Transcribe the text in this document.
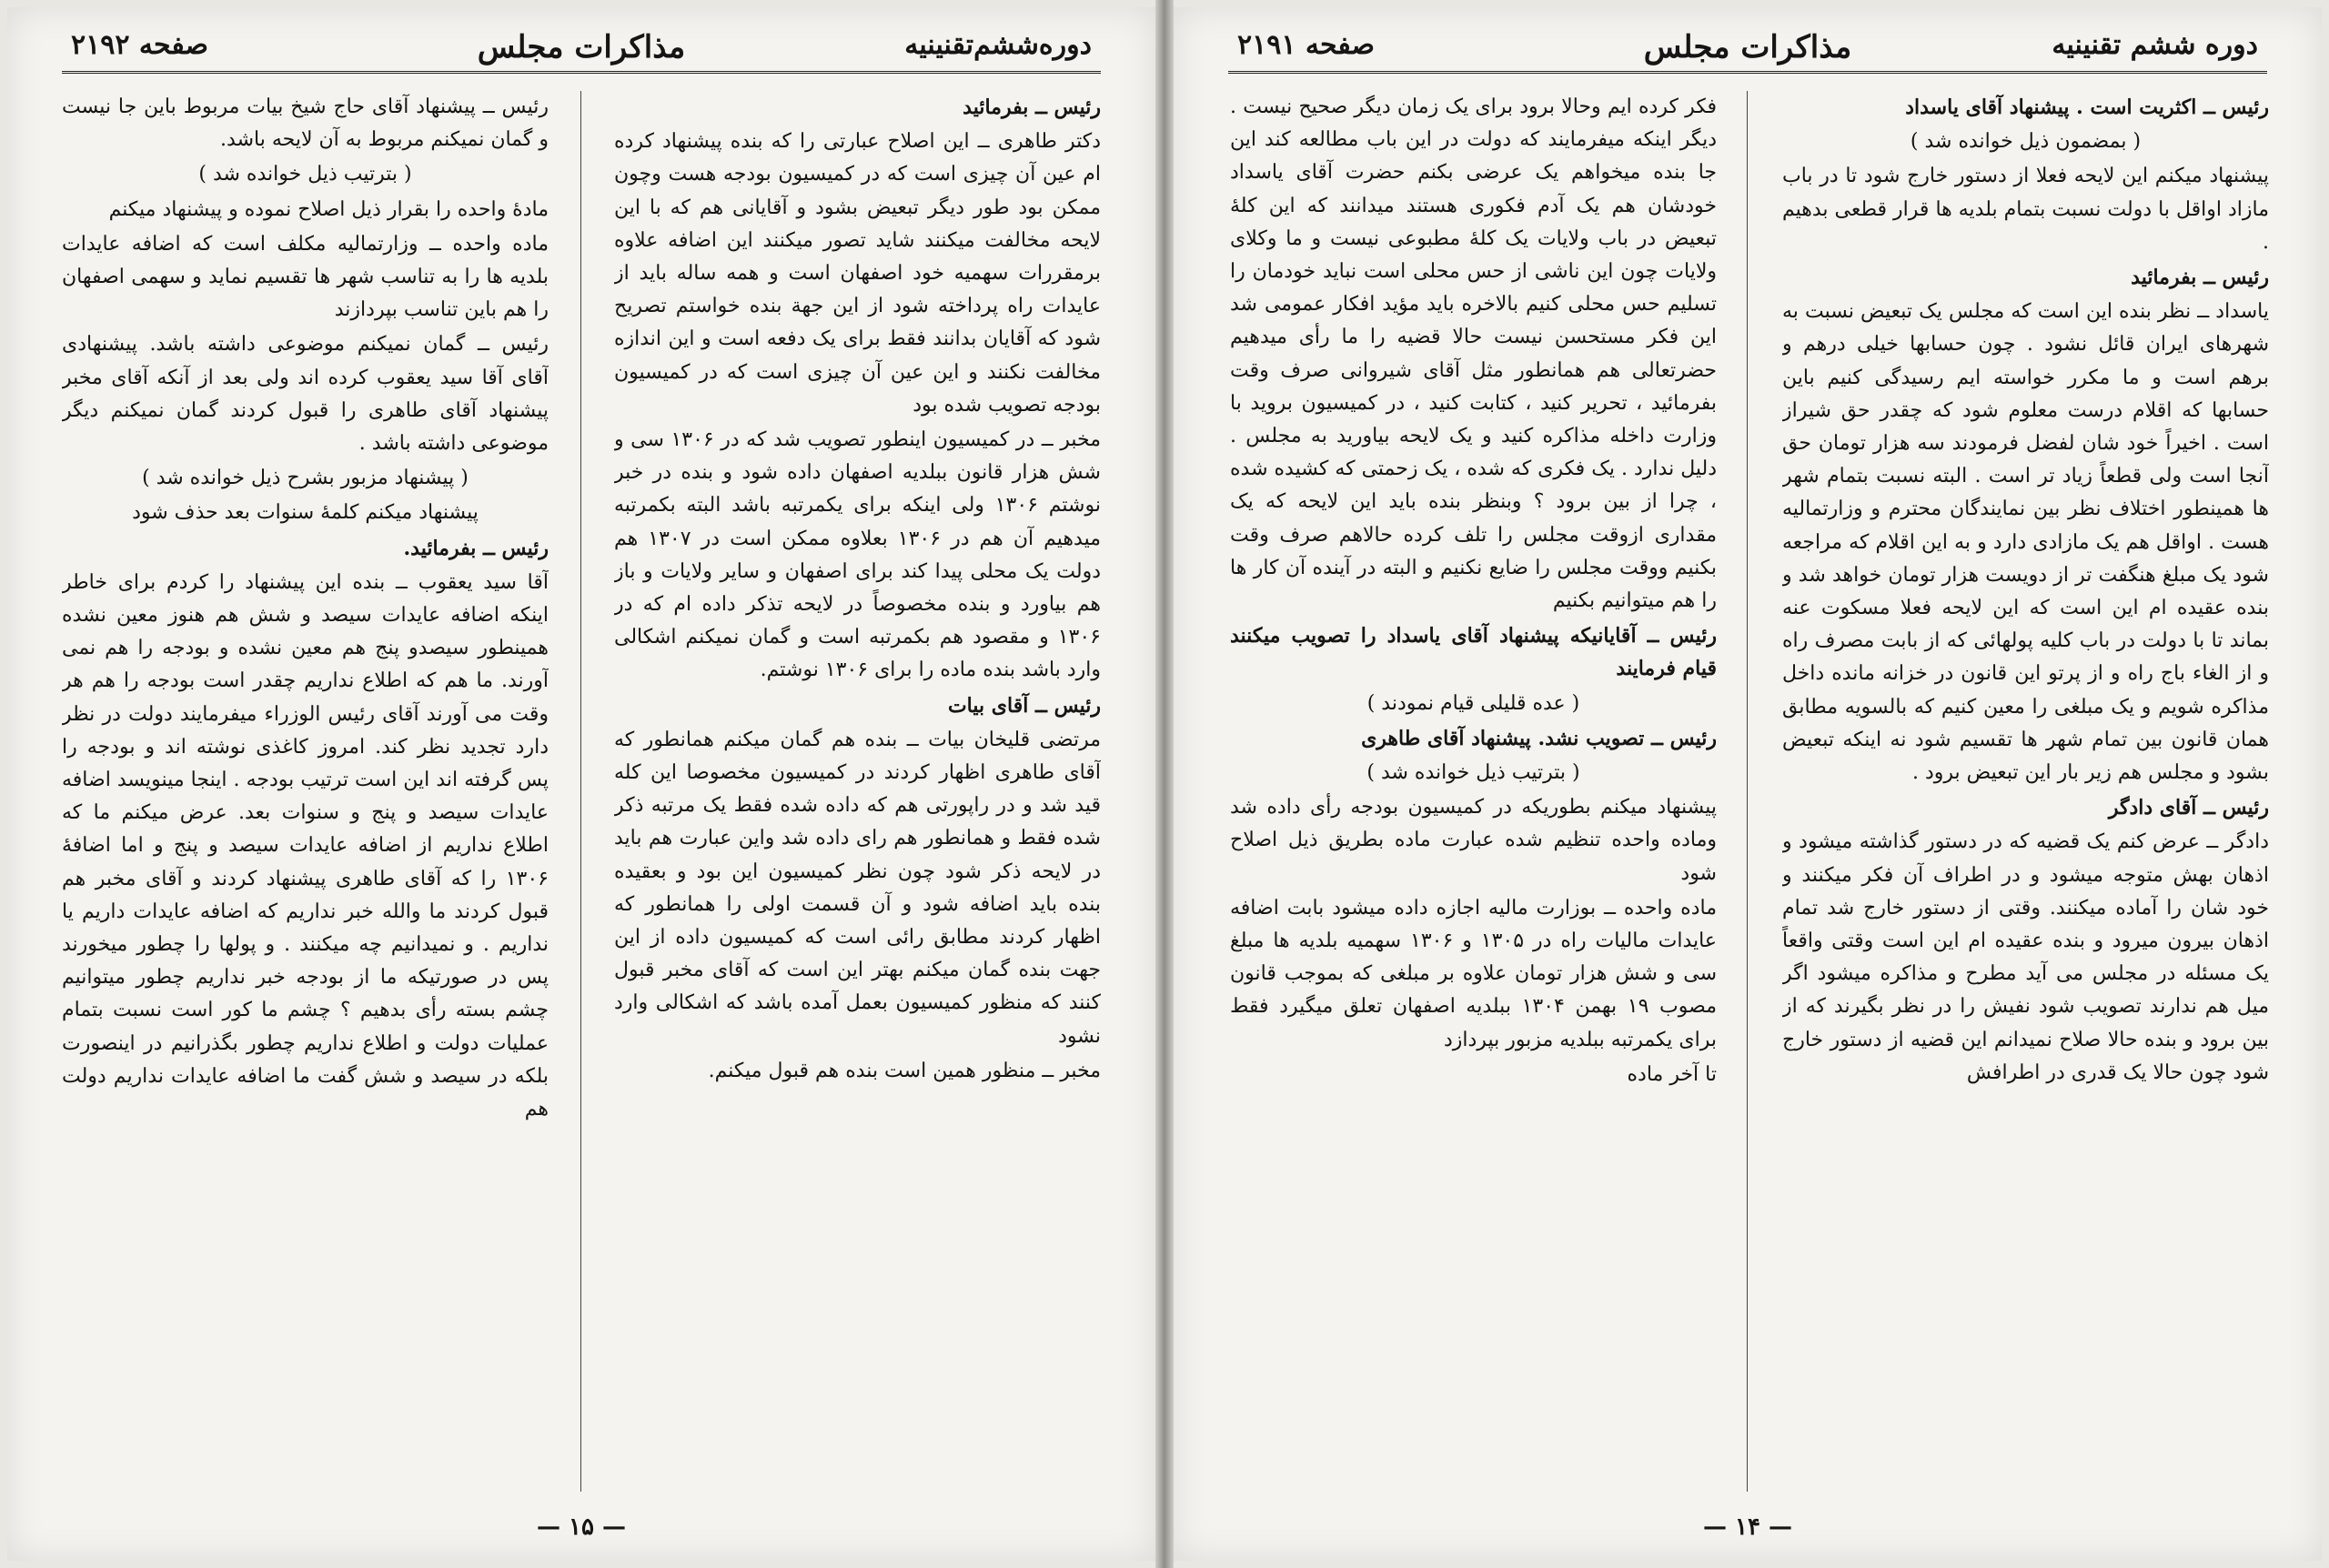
دوره‌ششم‌تقنینیه
مذاکرات مجلس
صفحه ۲۱۹۲

رئیس ــ بفرمائید

دکتر طاهری ــ این اصلاح عبارتی را که بنده پیشنهاد کرده ام عین آن چیزی است که در کمیسیون بودجه هست وچون ممکن بود طور دیگر تبعیض بشود و آقایانی هم که با این لایحه مخالفت میکنند شاید تصور میکنند این اضافه علاوه برمقررات سهمیه خود اصفهان است و همه ساله باید از عایدات راه پرداخته شود از این جهة بنده خواستم تصریح شود که آقایان بدانند فقط برای یک دفعه است و این اندازه مخالفت نکنند و این عین آن چیزی است که در کمیسیون بودجه تصویب شده بود

مخبر ــ در کمیسیون اینطور تصویب شد که در ۱۳۰۶ سی و شش هزار قانون ببلدیه اصفهان داده شود و بنده در خبر نوشتم ۱۳۰۶ ولی اینکه برای یکمرتبه باشد البته بکمرتبه میدهیم آن هم در ۱۳۰۶ بعلاوه ممکن است در ۱۳۰۷ هم دولت یک محلی پیدا کند برای اصفهان و سایر ولایات و باز هم بیاورد و بنده مخصوصاً در لایحه تذکر داده ام که در ۱۳۰۶ و مقصود هم بکمرتبه است و گمان نمیکنم اشکالی وارد باشد بنده ماده را برای ۱۳۰۶ نوشتم.

رئیس ــ آقای بیات

مرتضی قلیخان بیات ــ بنده هم گمان میکنم همانطور که آقای طاهری اظهار کردند در کمیسیون مخصوصا این کله قید شد و در راپورتی هم که داده شده فقط یک مرتبه ذکر شده فقط و همانطور هم رای داده شد واین عبارت هم باید در لایحه ذکر شود چون نظر کمیسیون این بود و بعقیده بنده باید اضافه شود و آن قسمت اولی را همانطور که اظهار کردند مطابق رائی است که کمیسیون داده از این جهت بنده گمان میکنم بهتر این است که آقای مخبر قبول کنند که منظور کمیسیون بعمل آمده باشد که اشکالی وارد نشود

مخبر ــ منظور همین است بنده هم قبول میکنم.

رئیس ــ پیشنهاد آقای حاج شیخ بیات مربوط باین جا نیست و گمان نمیکنم مربوط به آن لایحه باشد.

( بترتیب ذیل خوانده شد )

مادهٔ واحده را بقرار ذیل اصلاح نموده و پیشنهاد میکنم

ماده واحده ــ وزارتمالیه مکلف است که اضافه عایدات بلدیه ها را به تناسب شهر ها تقسیم نماید و سهمی اصفهان را هم باین تناسب بپردازند

رئیس ــ گمان نمیکنم موضوعی داشته باشد. پیشنهادی آقای آقا سید یعقوب کرده اند ولی بعد از آنکه آقای مخبر پیشنهاد آقای طاهری را قبول کردند گمان نمیکنم دیگر موضوعی داشته باشد .

( پیشنهاد مزبور بشرح ذیل خوانده شد )

پیشنهاد میکنم کلمهٔ سنوات بعد حذف شود

رئیس ــ بفرمائید.

آقا سید یعقوب ــ بنده این پیشنهاد را کردم برای خاطر اینکه اضافه عایدات سیصد و شش هم هنوز معین نشده همینطور سیصدو پنج هم معین نشده و بودجه را هم نمی آورند. ما هم که اطلاع نداریم چقدر است بودجه را هم هر وقت می آورند آقای رئیس الوزراء میفرمایند دولت در نظر دارد تجدید نظر کند. امروز کاغذی نوشته اند و بودجه را پس گرفته اند این است ترتیب بودجه . اینجا مینویسد اضافه عایدات سیصد و پنج و سنوات بعد. عرض میکنم ما که اطلاع نداریم از اضافه عایدات سیصد و پنج و اما اضافهٔ ۱۳۰۶ را که آقای طاهری پیشنهاد کردند و آقای مخبر هم قبول کردند ما والله خبر نداریم که اضافه عایدات داریم یا نداریم . و نمیدانیم چه میکنند . و پولها را چطور میخورند پس در صورتیکه ما از بودجه خبر نداریم چطور میتوانیم چشم بسته رأی بدهیم ؟ چشم ما کور است نسبت بتمام عملیات دولت و اطلاع نداریم چطور بگذرانیم در اینصورت بلکه در سیصد و شش گفت ما اضافه عایدات نداریم دولت هم

— ۱۵ —
دوره ششم تقنینیه
مذاکرات مجلس
صفحه ۲۱۹۱

رئیس ــ اکثریت است . پیشنهاد آقای یاسداد

( بمضمون ذیل خوانده شد )

پیشنهاد میکنم این لایحه فعلا از دستور خارج شود تا در باب مازاد اواقل با دولت نسبت بتمام بلدیه ها قرار قطعی بدهیم .

رئیس ــ بفرمائید

یاسداد ــ نظر بنده این است که مجلس یک تبعیض نسبت به شهرهای ایران قائل نشود . چون حسابها خیلی درهم و برهم است و ما مکرر خواسته ایم رسیدگی کنیم باین حسابها که اقلام درست معلوم شود که چقدر حق شیراز است . اخیراً خود شان لفضل فرمودند سه هزار تومان حق آنجا است ولی قطعاً زیاد تر است . البته نسبت بتمام شهر ها همینطور اختلاف نظر بین نمایندگان محترم و وزارتمالیه هست . اواقل هم یک مازادی دارد و به این اقلام که مراجعه شود یک مبلغ هنگفت تر از دویست هزار تومان خواهد شد و بنده عقیده ام این است که این لایحه فعلا مسکوت عنه بماند تا با دولت در باب کلیه پولهائی که از بابت مصرف راه و از الغاء باج راه و از پرتو این قانون در خزانه مانده داخل مذاکره شویم و یک مبلغی را معین کنیم که بالسویه مطابق همان قانون بین تمام شهر ها تقسیم شود نه اینکه تبعیض بشود و مجلس هم زیر بار این تبعیض برود .

رئیس ــ آقای دادگر

دادگر ــ عرض کنم یک قضیه که در دستور گذاشته میشود و اذهان بهش متوجه میشود و در اطراف آن فکر میکنند و خود شان را آماده میکنند. وقتی از دستور خارج شد تمام اذهان بیرون میرود و بنده عقیده ام این است وقتی واقعاً یک مسئله در مجلس می آید مطرح و مذاکره میشود اگر میل هم ندارند تصویب شود نفیش را در نظر بگیرند که از بین برود و بنده حالا صلاح نمیدانم این قضیه از دستور خارج شود چون حالا یک قدری در اطرافش

فکر کرده ایم وحالا برود برای یک زمان دیگر صحیح نیست . دیگر اینکه میفرمایند که دولت در این باب مطالعه کند این جا بنده میخواهم یک عرضی بکنم حضرت آقای یاسداد خودشان هم یک آدم فکوری هستند میدانند که این کلهٔ تبعیض در باب ولایات یک کلهٔ مطبوعی نیست و ما وکلای ولایات چون این ناشی از حس محلی است نباید خودمان را تسلیم حس محلی کنیم بالاخره باید مؤید افکار عمومی شد این فکر مستحسن نیست حالا قضیه را ما رأی میدهیم حضرتعالی هم همانطور مثل آقای شیروانی صرف وقت بفرمائید ، تحریر کنید ، کتابت کنید ، در کمیسیون بروید با وزارت داخله مذاکره کنید و یک لایحه بیاورید به مجلس . دلیل ندارد . یک فکری که شده ، یک زحمتی که کشیده شده ، چرا از بین برود ؟ وبنظر بنده باید این لایحه که یک مقداری ازوقت مجلس را تلف کرده حالاهم صرف وقت بکنیم ووقت مجلس را ضایع نکنیم و البته در آینده آن کار ها را هم میتوانیم بکنیم

رئیس ــ آقایانیکه پیشنهاد آقای یاسداد را تصویب میکنند قیام فرمایند

( عده قلیلی قیام نمودند )

رئیس ــ تصویب نشد. پیشنهاد آقای طاهری

( بترتیب ذیل خوانده شد )

پیشنهاد میکنم بطوریکه در کمیسیون بودجه رأی داده شد وماده واحده تنظیم شده عبارت ماده بطریق ذیل اصلاح شود

ماده واحده ــ بوزارت مالیه اجازه داده میشود بابت اضافه عایدات مالیات راه در ۱۳۰۵ و ۱۳۰۶ سهمیه بلدیه ها مبلغ سی و شش هزار تومان علاوه بر مبلغی که بموجب قانون مصوب ۱۹ بهمن ۱۳۰۴ ببلدیه اصفهان تعلق میگیرد فقط برای یکمرتبه ببلدیه مزبور بپردازد

تا آخر ماده

— ۱۴ —
